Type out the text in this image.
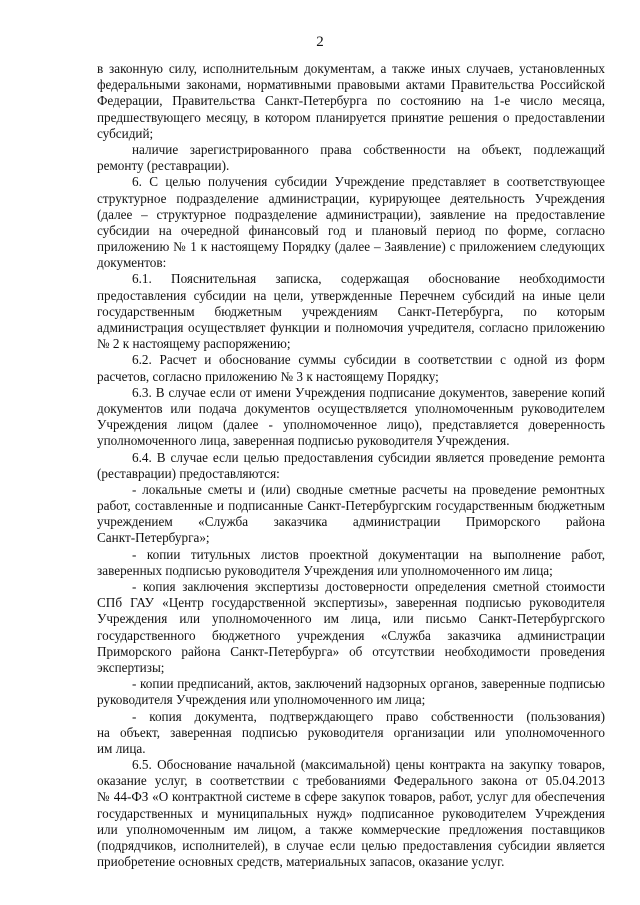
2
в законную силу, исполнительным документам, а также иных случаев, установленных
федеральными законами, нормативными правовыми актами Правительства Российской
Федерации, Правительства Санкт-Петербурга по состоянию на 1-е число месяца,
предшествующего месяцу, в котором планируется принятие решения о предоставлении
субсидий;
наличие зарегистрированного права собственности на объект, подлежащий
ремонту (реставрации).
6. С целью получения субсидии Учреждение представляет в соответствующее
структурное подразделение администрации, курирующее деятельность Учреждения
(далее – структурное подразделение администрации), заявление на предоставление
субсидии на очередной финансовый год и плановый период по форме, согласно
приложению № 1 к настоящему Порядку (далее – Заявление) с приложением следующих
документов:
6.1. Пояснительная записка, содержащая обоснование необходимости
предоставления субсидии на цели, утвержденные Перечнем субсидий на иные цели
государственным бюджетным учреждениям Санкт-Петербурга, по которым
администрация осуществляет функции и полномочия учредителя, согласно приложению
№ 2 к настоящему распоряжению;
6.2. Расчет и обоснование суммы субсидии в соответствии с одной из форм
расчетов, согласно приложению № 3 к настоящему Порядку;
6.3. В случае если от имени Учреждения подписание документов, заверение копий
документов или подача документов осуществляется уполномоченным руководителем
Учреждения лицом (далее - уполномоченное лицо), представляется доверенность
уполномоченного лица, заверенная подписью руководителя Учреждения.
6.4. В случае если целью предоставления субсидии является проведение ремонта
(реставрации) предоставляются:
- локальные сметы и (или) сводные сметные расчеты на проведение ремонтных
работ, составленные и подписанные Санкт-Петербургским государственным бюджетным
учреждением «Служба заказчика администрации Приморского района
Санкт-Петербурга»;
- копии титульных листов проектной документации на выполнение работ,
заверенных подписью руководителя Учреждения или уполномоченного им лица;
- копия заключения экспертизы достоверности определения сметной стоимости
СПб ГАУ «Центр государственной экспертизы», заверенная подписью руководителя
Учреждения или уполномоченного им лица, или письмо Санкт-Петербургского
государственного бюджетного учреждения «Служба заказчика администрации
Приморского района Санкт-Петербурга» об отсутствии необходимости проведения
экспертизы;
- копии предписаний, актов, заключений надзорных органов, заверенные подписью
руководителя Учреждения или уполномоченного им лица;
- копия документа, подтверждающего право собственности (пользования)
на объект, заверенная подписью руководителя организации или уполномоченного
им лица.
6.5. Обоснование начальной (максимальной) цены контракта на закупку товаров,
оказание услуг, в соответствии с требованиями Федерального закона от 05.04.2013
№ 44-ФЗ «О контрактной системе в сфере закупок товаров, работ, услуг для обеспечения
государственных и муниципальных нужд» подписанное руководителем Учреждения
или уполномоченным им лицом, а также коммерческие предложения поставщиков
(подрядчиков, исполнителей), в случае если целью предоставления субсидии является
приобретение основных средств, материальных запасов, оказание услуг.
